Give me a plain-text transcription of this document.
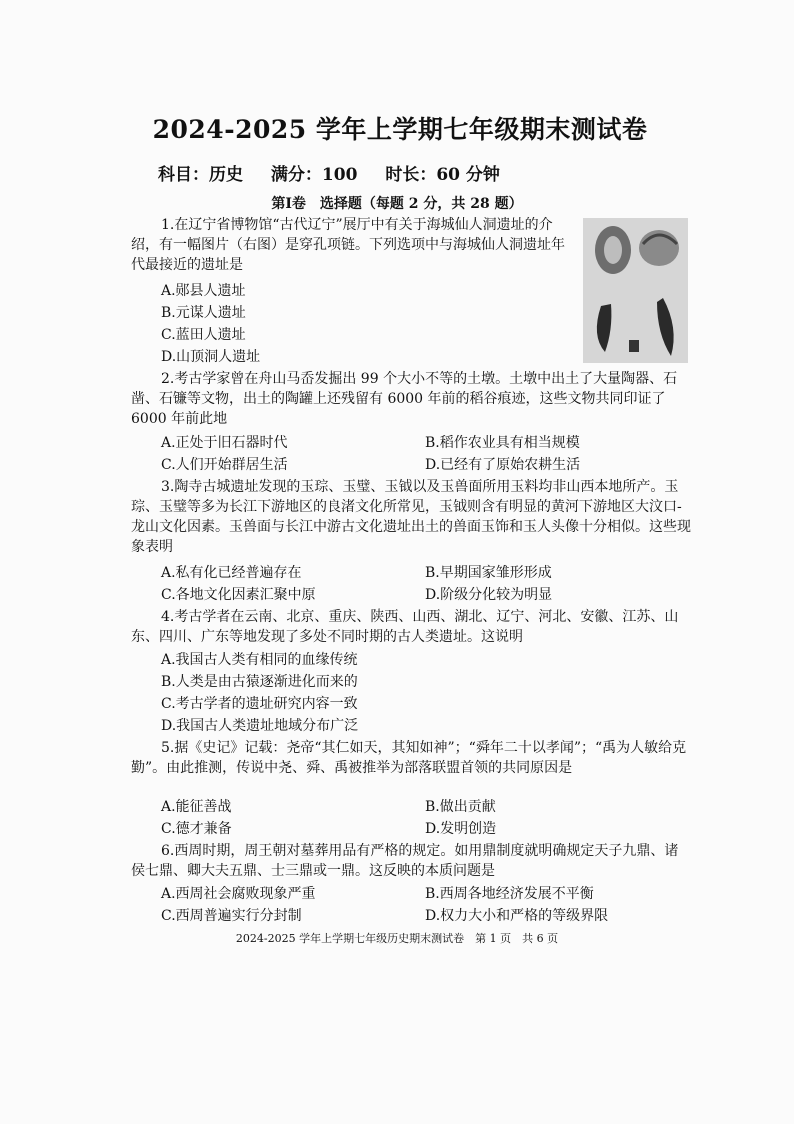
2024-2025 学年上学期七年级期末测试卷
科目：历史 满分：100 时长：60 分钟
第Ⅰ卷　选择题（每题 2 分，共 28 题）
1.在辽宁省博物馆“古代辽宁”展厅中有关于海城仙人洞遗址的介绍，有一幅图片（右图）是穿孔项链。下列选项中与海城仙人洞遗址年代最接近的遗址是
A.郧县人遗址
B.元谋人遗址
C.蓝田人遗址
D.山顶洞人遗址
2.考古学家曾在舟山马岙发掘出 99 个大小不等的土墩。土墩中出土了大量陶器、石凿、石镰等文物，出土的陶罐上还残留有 6000 年前的稻谷痕迹，这些文物共同印证了 6000 年前此地
A.正处于旧石器时代	B.稻作农业具有相当规模
C.人们开始群居生活	D.已经有了原始农耕生活
3.陶寺古城遗址发现的玉琮、玉璧、玉钺以及玉兽面所用玉料均非山西本地所产。玉琮、玉璧等多为长江下游地区的良渚文化所常见，玉钺则含有明显的黄河下游地区大汶口-龙山文化因素。玉兽面与长江中游古文化遗址出土的兽面玉饰和玉人头像十分相似。这些现象表明
A.私有化已经普遍存在	B.早期国家雏形形成
C.各地文化因素汇聚中原	D.阶级分化较为明显
4.考古学者在云南、北京、重庆、陕西、山西、湖北、辽宁、河北、安徽、江苏、山东、四川、广东等地发现了多处不同时期的古人类遗址。这说明
A.我国古人类有相同的血缘传统
B.人类是由古猿逐渐进化而来的
C.考古学者的遗址研究内容一致
D.我国古人类遗址地域分布广泛
5.据《史记》记载：尧帝“其仁如天，其知如神”；“舜年二十以孝闻”；“禹为人敏给克勤”。由此推测，传说中尧、舜、禹被推举为部落联盟首领的共同原因是
A.能征善战	B.做出贡献
C.德才兼备	D.发明创造
6.西周时期，周王朝对墓葬用品有严格的规定。如用鼎制度就明确规定天子九鼎、诸侯七鼎、卿大夫五鼎、士三鼎或一鼎。这反映的本质问题是
A.西周社会腐败现象严重	B.西周各地经济发展不平衡
C.西周普遍实行分封制	D.权力大小和严格的等级界限
2024-2025 学年上学期七年级历史期末测试卷　第 1 页　共 6 页
